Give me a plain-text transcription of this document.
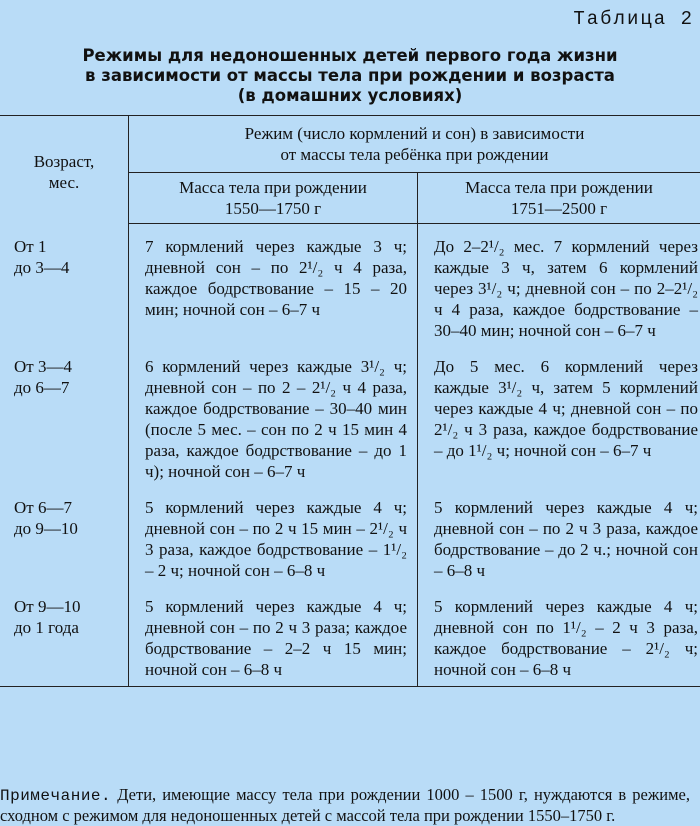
Таблица 2
Режимы для недоношенных детей первого года жизни
в зависимости от массы тела при рождении и возраста
(в домашних условиях)
Возраст,
мес.	Режим (число кормлений и сон) в зависимости
от массы тела ребёнка при рождении	

	Масса тела при рождении
1550—1750 г	Масса тела при рождении
1751—2500 г

От 1
до 3—4	7 кормлений через каждые 3 ч; дневной сон – по 2¹/₂ ч 4 раза, каждое бодрствование – 15 – 20 мин; ночной сон – 6–7 ч	До 2–2¹/₂ мес. 7 кормлений через каждые 3 ч, затем 6 кормлений через 3¹/₂ ч; дневной сон – по 2–2¹/₂ ч 4 раза, каждое бодрствование – 30–40 мин; ночной сон – 6–7 ч

От 3—4
до 6—7	6 кормлений через каждые 3¹/₂ ч; дневной сон – по 2 – 2¹/₂ ч 4 раза, каждое бодрствование – 30–40 мин (после 5 мес. – сон по 2 ч 15 мин 4 раза, каждое бодрствование – до 1 ч); ночной сон – 6–7 ч	До 5 мес. 6 кормлений через каждые 3¹/₂ ч, затем 5 кормлений через каждые 4 ч; дневной сон – по 2¹/₂ ч 3 раза, каждое бодрствование – до 1¹/₂ ч; ночной сон – 6–7 ч

От 6—7
до 9—10	5 кормлений через каждые 4 ч; дневной сон – по 2 ч 15 мин – 2¹/₂ ч 3 раза, каждое бодрствование – 1¹/₂ – 2 ч; ночной сон – 6–8 ч	5 кормлений через каждые 4 ч; дневной сон – по 2 ч 3 раза, каждое бодрствование – до 2 ч.; ночной сон – 6–8 ч

От 9—10
до 1 года	5 кормлений через каждые 4 ч; дневной сон – по 2 ч 3 раза; каждое бодрствование – 2–2 ч 15 мин; ночной сон – 6–8 ч	5 кормлений через каждые 4 ч; дневной сон по 1¹/₂ – 2 ч 3 раза, каждое бодрствование – 2¹/₂ ч; ночной сон – 6–8 ч
Примечание. Дети, имеющие массу тела при рождении 1000 – 1500 г, нуждаются в режиме, сходном с режимом для недоношенных детей с массой тела при рождении 1550–1750 г.
